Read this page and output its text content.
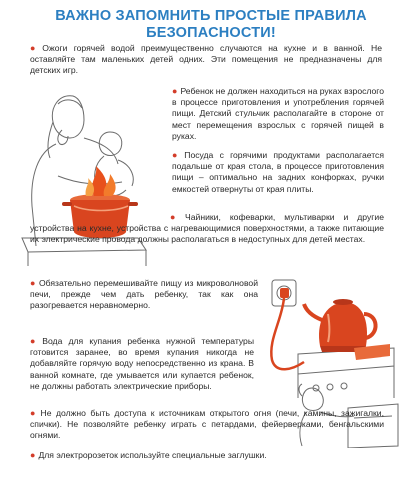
ВАЖНО ЗАПОМНИТЬ ПРОСТЫЕ ПРАВИЛА БЕЗОПАСНОСТИ!

● Ожоги горячей водой преимущественно случаются на кухне и в ванной. Не оставляйте там маленьких детей одних. Эти помещения не предназначены для детских игр.

● Ребенок не должен находиться на руках взрослого в процессе приготовления и употребления горячей пищи. Детский стульчик располагайте в стороне от мест перемещения взрослых с горячей пищей в руках.

● Посуда с горячими продуктами располагается подальше от края стола, в процессе приготовления пищи – оптимально на задних конфорках, ручки емкостей отвернуты от края плиты.

● Чайники, кофеварки, мультиварки и другие устройства на кухне, устройства с нагревающимися поверхностями, а также питающие их электрические провода должны располагаться в недоступных для детей местах.

● Обязательно перемешивайте пищу из микроволновой печи, прежде чем дать ребенку, так как она разогревается неравномерно.

● Вода для купания ребенка нужной температуры готовится заранее, во время купания никогда не добавляйте горячую воду непосредственно из крана. В ванной комнате, где умывается или купается ребенок, не должны работать электрические приборы.

● Не должно быть доступа к источникам открытого огня (печи, камины, зажигалки, спички). Не позволяйте ребенку играть с петардами, фейерверками, бенгальскими огнями.

● Для электророзеток используйте специальные заглушки.
